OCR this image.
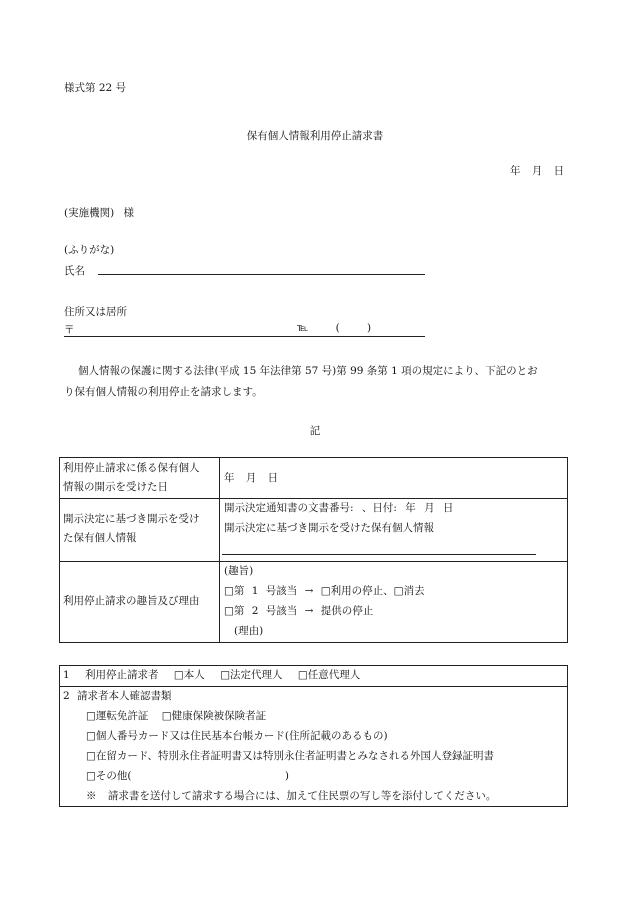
様式第 22 号
保有個人情報利用停止請求書
年 月 日
(実施機関) 様
(ふりがな)
氏名
住所又は居所
〒	℡ ( )
個人情報の保護に関する法律(平成 15 年法律第 57 号)第 99 条第 1 項の規定により、下記のとお
り保有個人情報の利用停止を請求します。
記
利用停止請求に係る保有個人
情報の開示を受けた日
年 月 日
開示決定に基づき開示を受け
た保有個人情報
開示決定通知書の文書番号: 、日付: 年 月 日
開示決定に基づき開示を受けた保有個人情報
利用停止請求の趣旨及び理由
(趣旨)
□第 1 号該当 → □利用の停止、□消去
□第 2 号該当 → 提供の停止
(理由)
1 利用停止請求者 □本人 □法定代理人 □任意代理人
2 請求者本人確認書類
□運転免許証 □健康保険被保険者証
□個人番号カード又は住民基本台帳カード(住所記載のあるもの)
□在留カード、特別永住者証明書又は特別永住者証明書とみなされる外国人登録証明書
□その他( )
※ 請求書を送付して請求する場合には、加えて住民票の写し等を添付してください。
